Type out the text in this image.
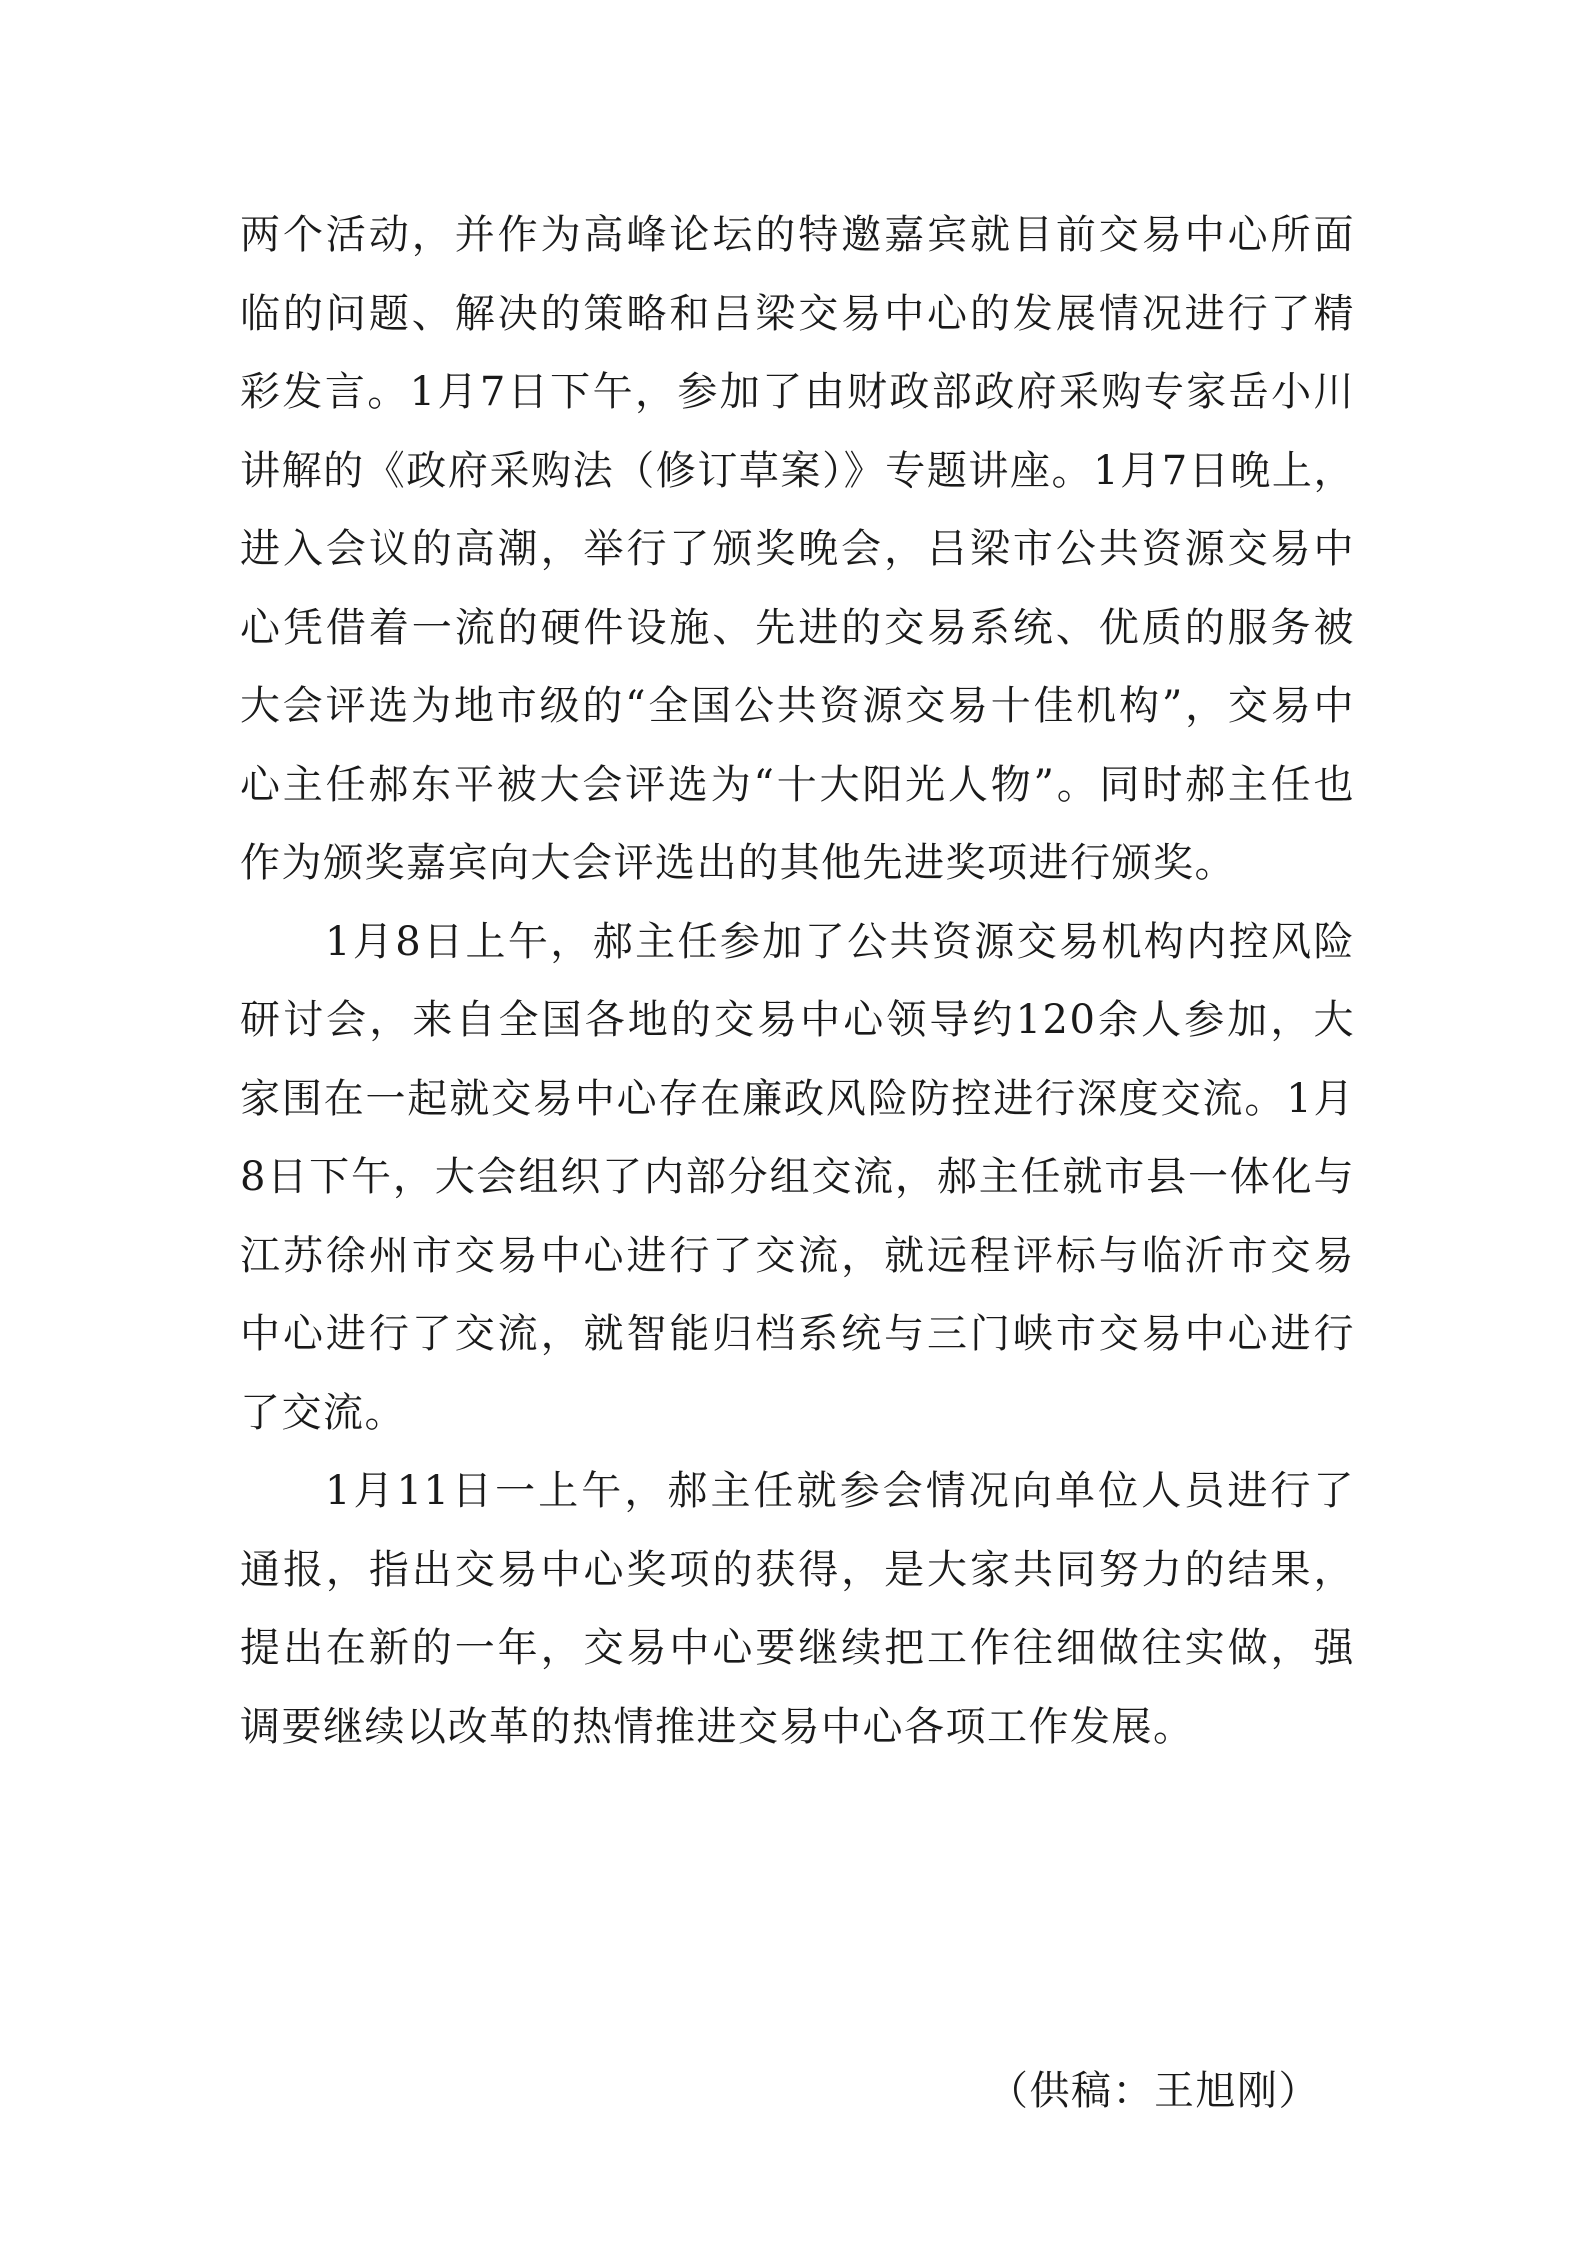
两个活动，并作为高峰论坛的特邀嘉宾就目前交易中心所面临的问题、解决的策略和吕梁交易中心的发展情况进行了精彩发言。1月7日下午，参加了由财政部政府采购专家岳小川讲解的《政府采购法（修订草案）》专题讲座。1月7日晚上，进入会议的高潮，举行了颁奖晚会，吕梁市公共资源交易中心凭借着一流的硬件设施、先进的交易系统、优质的服务被大会评选为地市级的“全国公共资源交易十佳机构”，交易中心主任郝东平被大会评选为“十大阳光人物”。同时郝主任也作为颁奖嘉宾向大会评选出的其他先进奖项进行颁奖。

1月8日上午，郝主任参加了公共资源交易机构内控风险研讨会，来自全国各地的交易中心领导约120余人参加，大家围在一起就交易中心存在廉政风险防控进行深度交流。1月8日下午，大会组织了内部分组交流，郝主任就市县一体化与江苏徐州市交易中心进行了交流，就远程评标与临沂市交易中心进行了交流，就智能归档系统与三门峡市交易中心进行了交流。

1月11日一上午，郝主任就参会情况向单位人员进行了通报，指出交易中心奖项的获得，是大家共同努力的结果，提出在新的一年，交易中心要继续把工作往细做往实做，强调要继续以改革的热情推进交易中心各项工作发展。

（供稿：王旭刚）
